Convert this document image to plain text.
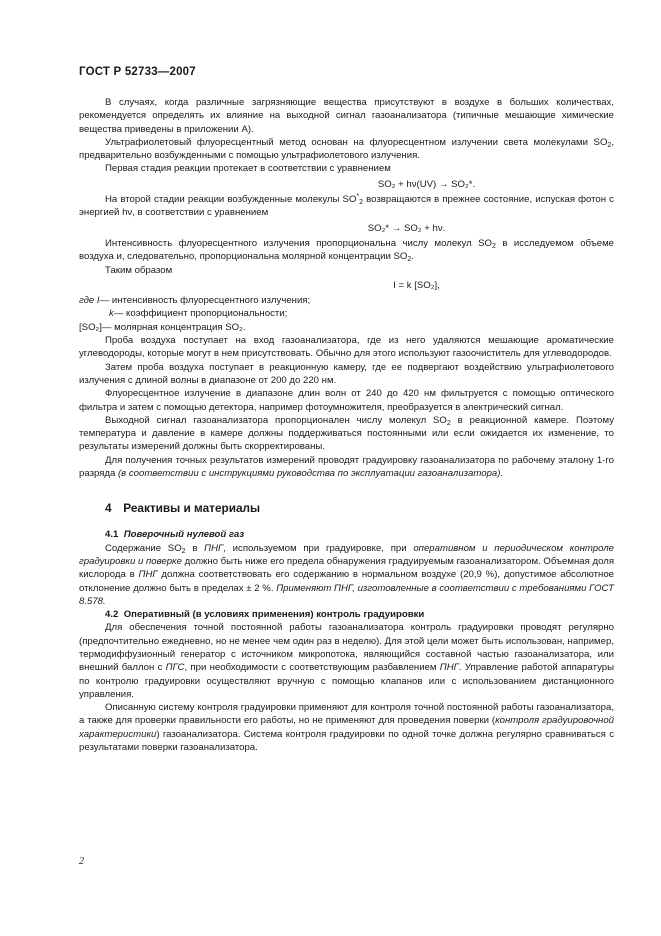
ГОСТ Р 52733—2007

В случаях, когда различные загрязняющие вещества присутствуют в воздухе в больших количествах, рекомендуется определять их влияние на выходной сигнал газоанализатора (типичные мешающие химические вещества приведены в приложении А).

Ультрафиолетовый флуоресцентный метод основан на флуоресцентном излучении света молекулами $SO_2$, предварительно возбужденными с помощью ультрафиолетового излучения.

Первая стадия реакции протекает в соответствии с уравнением

SO₂ + hν(UV) → SO₂*.

На второй стадии реакции возбужденные молекулы $SO^*_2$ возвращаются в прежнее состояние, испуская фотон с энергией hν, в соответствии с уравнением

SO₂* → SO₂ + hν.

Интенсивность флуоресцентного излучения пропорциональна числу молекул $SO_2$ в исследуемом объеме воздуха и, следовательно, пропорциональна молярной концентрации $SO_2$.

Таким образом

I = k [SO₂],

где I — интенсивность флуоресцентного излучения;
k — коэффициент пропорциональности;
[SO₂] — молярная концентрация SO₂.

Проба воздуха поступает на вход газоанализатора, где из него удаляются мешающие ароматические углеводороды, которые могут в нем присутствовать. Обычно для этого используют газоочиститель для углеводородов.

Затем проба воздуха поступает в реакционную камеру, где ее подвергают воздействию ультрафиолетового излучения с длиной волны в диапазоне от 200 до 220 нм.

Флуоресцентное излучение в диапазоне длин волн от 240 до 420 нм фильтруется с помощью оптического фильтра и затем с помощью детектора, например фотоумножителя, преобразуется в электрический сигнал.

Выходной сигнал газоанализатора пропорционален числу молекул $SO_2$ в реакционной камере. Поэтому температура и давление в камере должны поддерживаться постоянными или если ожидается их изменение, то результаты измерений должны быть скорректированы.

Для получения точных результатов измерений проводят градуировку газоанализатора по рабочему эталону 1-го разряда (в соответствии с инструкциями руководства по эксплуатации газоанализатора).

4 Реактивы и материалы
4.1 Поверочный нулевой газ

Содержание $SO_2$ в ПНГ, используемом при градуировке, при оперативном и периодическом контроле градуировки и поверке должно быть ниже его предела обнаружения градуируемым газоанализатором. Объемная доля кислорода в ПНГ должна соответствовать его содержанию в нормальном воздухе (20,9 %), допустимое абсолютное отклонение должно быть в пределах ± 2 %. Применяют ПНГ, изготовленные в соответствии с требованиями ГОСТ 8.578.

4.2 Оперативный (в условиях применения) контроль градуировки

Для обеспечения точной постоянной работы газоанализатора контроль градуировки проводят регулярно (предпочтительно ежедневно, но не менее чем один раз в неделю). Для этой цели может быть использован, например, термодиффузионный генератор с источником микропотока, являющийся составной частью газоанализатора, или внешний баллон с ПГС, при необходимости с соответствующим разбавлением ПНГ. Управление работой аппаратуры по контролю градуировки осуществляют вручную с помощью клапанов или с использованием дистанционного управления.

Описанную систему контроля градуировки применяют для контроля точной постоянной работы газоанализатора, а также для проверки правильности его работы, но не применяют для проведения поверки (контроля градуировочной характеристики) газоанализатора. Система контроля градуировки по одной точке должна регулярно сравниваться с результатами поверки газоанализатора.

2
